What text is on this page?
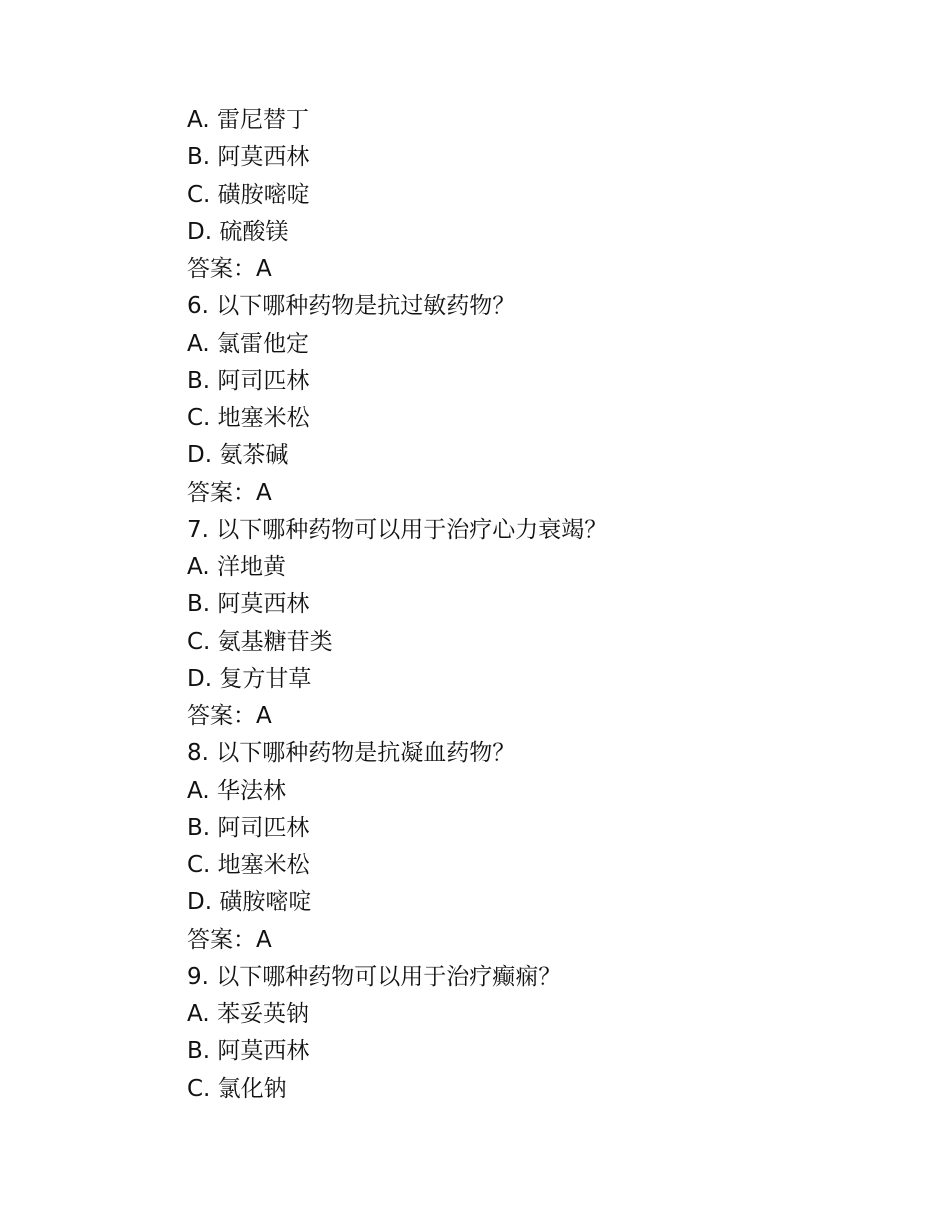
A. 雷尼替丁
B. 阿莫西林
C. 磺胺嘧啶
D. 硫酸镁
答案：A
6. 以下哪种药物是抗过敏药物？
A. 氯雷他定
B. 阿司匹林
C. 地塞米松
D. 氨茶碱
答案：A
7. 以下哪种药物可以用于治疗心力衰竭？
A. 洋地黄
B. 阿莫西林
C. 氨基糖苷类
D. 复方甘草
答案：A
8. 以下哪种药物是抗凝血药物？
A. 华法林
B. 阿司匹林
C. 地塞米松
D. 磺胺嘧啶
答案：A
9. 以下哪种药物可以用于治疗癫痫？
A. 苯妥英钠
B. 阿莫西林
C. 氯化钠
